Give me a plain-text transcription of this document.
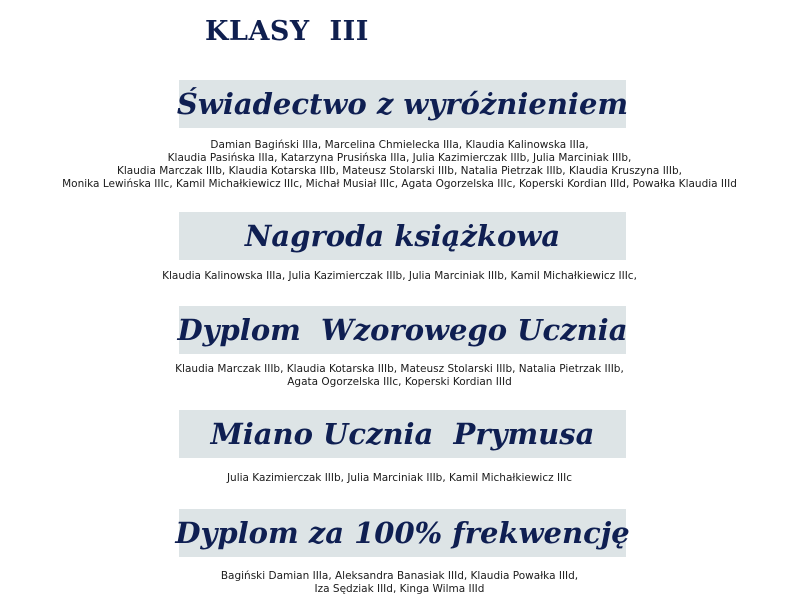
KLASY  III
Świadectwo z wyróżnieniem

Damian Bagiński IIIa, Marcelina Chmielecka IIIa, Klaudia Kalinowska IIIa,
Klaudia Pasińska IIIa, Katarzyna Prusińska IIIa, Julia Kazimierczak IIIb, Julia Marciniak IIIb,
Klaudia Marczak IIIb, Klaudia Kotarska IIIb, Mateusz Stolarski IIIb, Natalia Pietrzak IIIb, Klaudia Kruszyna IIIb,
Monika Lewińska IIIc, Kamil Michałkiewicz IIIc, Michał Musiał IIIc, Agata Ogorzelska IIIc, Koperski Kordian IIId, Powałka Klaudia IIId

Nagroda książkowa

Klaudia Kalinowska IIIa, Julia Kazimierczak IIIb, Julia Marciniak IIIb, Kamil Michałkiewicz IIIc,

Dyplom  Wzorowego Ucznia

Klaudia Marczak IIIb, Klaudia Kotarska IIIb, Mateusz Stolarski IIIb, Natalia Pietrzak IIIb,
Agata Ogorzelska IIIc, Koperski Kordian IIId

Miano Ucznia  Prymusa

Julia Kazimierczak IIIb, Julia Marciniak IIIb, Kamil Michałkiewicz IIIc

Dyplom za 100% frekwencję

Bagiński Damian IIIa, Aleksandra Banasiak IIId, Klaudia Powałka IIId,
Iza Sędziak IIId, Kinga Wilma IIId
